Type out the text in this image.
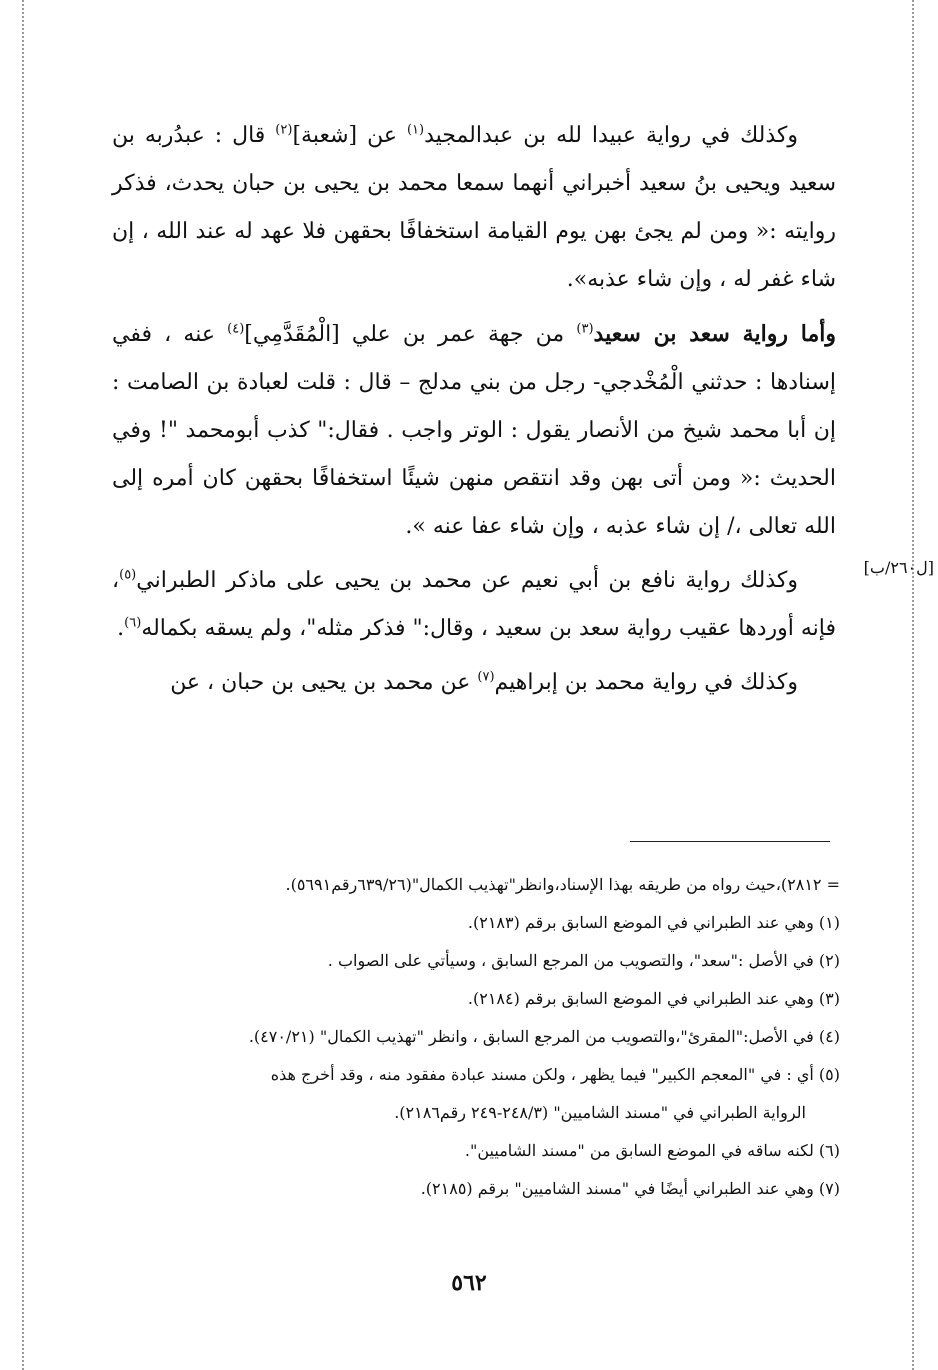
وكذلك في رواية عبيدا لله بن عبدالمجيد$^{(١)}$ عن [شعبة]$^{(٢)}$ قال : عبدُربه بن سعيد ويحيى بنُ سعيد أخبراني أنهما سمعا محمد بن يحيى بن حبان يحدث، فذكر روايته :« ومن لم يجئ بهن يوم القيامة استخفافًا بحقهن فلا عهد له عند الله ، إن شاء غفر له ، وإن شاء عذبه».

وأما رواية سعد بن سعيد$^{(٣)}$ من جهة عمر بن علي [الْمُقَدَّمِي]$^{(٤)}$ عنه ، ففي إسنادها : حدثني الْمُخْدجي- رجل من بني مدلج – قال : قلت لعبادة بن الصامت : إن أبا محمد شيخ من الأنصار يقول : الوتر واجب . فقال:" كذب أبومحمد "! وفي الحديث :« ومن أتى بهن وقد انتقص منهن شيئًا استخفافًا بحقهن كان أمره إلى الله تعالى ،/ إن شاء عذبه ، وإن شاء عفا عنه ».

وكذلك رواية نافع بن أبي نعيم عن محمد بن يحيى على ماذكر الطبراني$^{(٥)}$، فإنه أوردها عقيب رواية سعد بن سعيد ، وقال:" فذكر مثله"، ولم يسقه بكماله$^{(٦)}$.

وكذلك في رواية محمد بن إبراهيم$^{(٧)}$ عن محمد بن يحيى بن حبان ، عن

[ل٢٦٠/ب]

= ٢٨١٢)،حيث رواه من طريقه بهذا الإسناد،وانظر"تهذيب الكمال"(٦٣٩/٢٦رقم٥٦٩١).

(١) وهي عند الطبراني في الموضع السابق برقم (٢١٨٣).

(٢) في الأصل :"سعد"، والتصويب من المرجع السابق ، وسيأتي على الصواب .

(٣) وهي عند الطبراني في الموضع السابق برقم (٢١٨٤).

(٤) في الأصل:"المقرئ"،والتصويب من المرجع السابق ، وانظر "تهذيب الكمال" (٤٧٠/٢١).

(٥) أي : في "المعجم الكبير" فيما يظهر ، ولكن مسند عبادة مفقود منه ، وقد أخرج هذه

الرواية الطبراني في "مسند الشاميين" (٢٤٨/٣-٢٤٩ رقم٢١٨٦).

(٦) لكنه ساقه في الموضع السابق من "مسند الشاميين".

(٧) وهي عند الطبراني أيضًا في "مسند الشاميين" برقم (٢١٨٥).

٥٦٢
